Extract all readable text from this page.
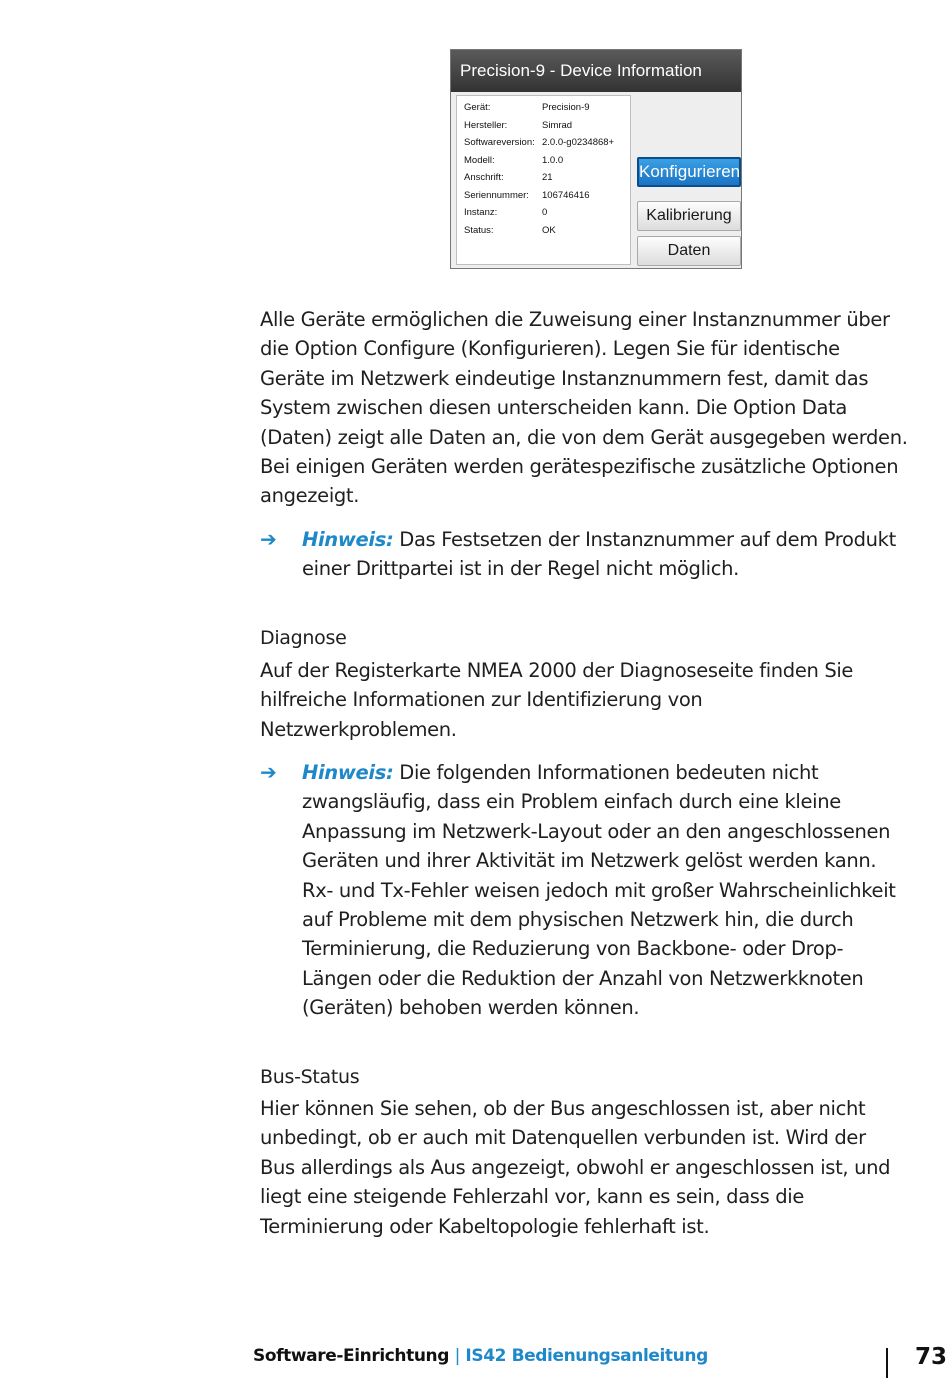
Precision-9 - Device Information
Gerät:	Precision-9
Hersteller:	Simrad
Softwareversion: 2.0.0-g0234868+
Modell:	1.0.0
Anschrift:	21
Seriennummer:	106746416
Instanz:	0
Status:	OK
Konfigurieren
Kalibrierung
Daten
Alle Geräte ermöglichen die Zuweisung einer Instanznummer über
die Option Configure (Konfigurieren). Legen Sie für identische
Geräte im Netzwerk eindeutige Instanznummern fest, damit das
System zwischen diesen unterscheiden kann. Die Option Data
(Daten) zeigt alle Daten an, die von dem Gerät ausgegeben werden.
Bei einigen Geräten werden gerätespezifische zusätzliche Optionen
angezeigt.
➔ Hinweis: Das Festsetzen der Instanznummer auf dem Produkt
einer Drittpartei ist in der Regel nicht möglich.
Diagnose
Auf der Registerkarte NMEA 2000 der Diagnoseseite finden Sie
hilfreiche Informationen zur Identifizierung von
Netzwerkproblemen.
➔ Hinweis: Die folgenden Informationen bedeuten nicht
zwangsläufig, dass ein Problem einfach durch eine kleine
Anpassung im Netzwerk-Layout oder an den angeschlossenen
Geräten und ihrer Aktivität im Netzwerk gelöst werden kann.
Rx- und Tx-Fehler weisen jedoch mit großer Wahrscheinlichkeit
auf Probleme mit dem physischen Netzwerk hin, die durch
Terminierung, die Reduzierung von Backbone- oder Drop-
Längen oder die Reduktion der Anzahl von Netzwerkknoten
(Geräten) behoben werden können.
Bus-Status
Hier können Sie sehen, ob der Bus angeschlossen ist, aber nicht
unbedingt, ob er auch mit Datenquellen verbunden ist. Wird der
Bus allerdings als Aus angezeigt, obwohl er angeschlossen ist, und
liegt eine steigende Fehlerzahl vor, kann es sein, dass die
Terminierung oder Kabeltopologie fehlerhaft ist.
Software-Einrichtung | IS42 Bedienungsanleitung	73
